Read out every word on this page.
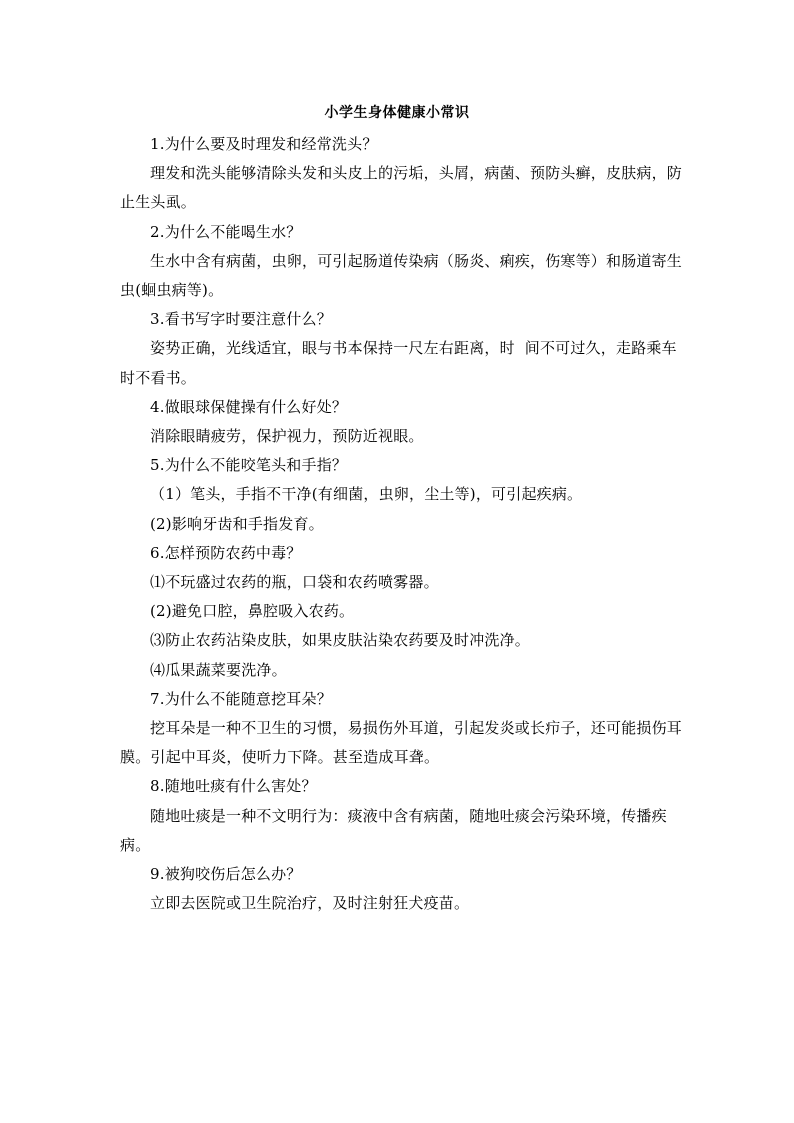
小学生身体健康小常识

1.为什么要及时理发和经常洗头？

理发和洗头能够清除头发和头皮上的污垢，头屑，病菌、预防头癣，皮肤病，防止生头虱。

2.为什么不能喝生水？

生水中含有病菌，虫卵，可引起肠道传染病（肠炎、痢疾，伤寒等）和肠道寄生虫(蛔虫病等)。

3.看书写字时要注意什么？

姿势正确，光线适宜，眼与书本保持一尺左右距离，时  间不可过久，走路乘车时不看书。

4.做眼球保健操有什么好处？

消除眼睛疲劳，保护视力，预防近视眼。

5.为什么不能咬笔头和手指？

（1）笔头，手指不干净(有细菌，虫卵，尘土等)，可引起疾病。

(2)影响牙齿和手指发育。

6.怎样预防农药中毒？

⑴不玩盛过农药的瓶，口袋和农药喷雾器。

(2)避免口腔，鼻腔吸入农药。

⑶防止农药沾染皮肤，如果皮肤沾染农药要及时冲洗净。

⑷瓜果蔬菜要洗净。

7.为什么不能随意挖耳朵？

挖耳朵是一种不卫生的习惯，易损伤外耳道，引起发炎或长疖子，还可能损伤耳膜。引起中耳炎，使听力下降。甚至造成耳聋。

8.随地吐痰有什么害处？

随地吐痰是一种不文明行为：痰液中含有病菌，随地吐痰会污染环境，传播疾病。

9.被狗咬伤后怎么办？

立即去医院或卫生院治疗，及时注射狂犬疫苗。
